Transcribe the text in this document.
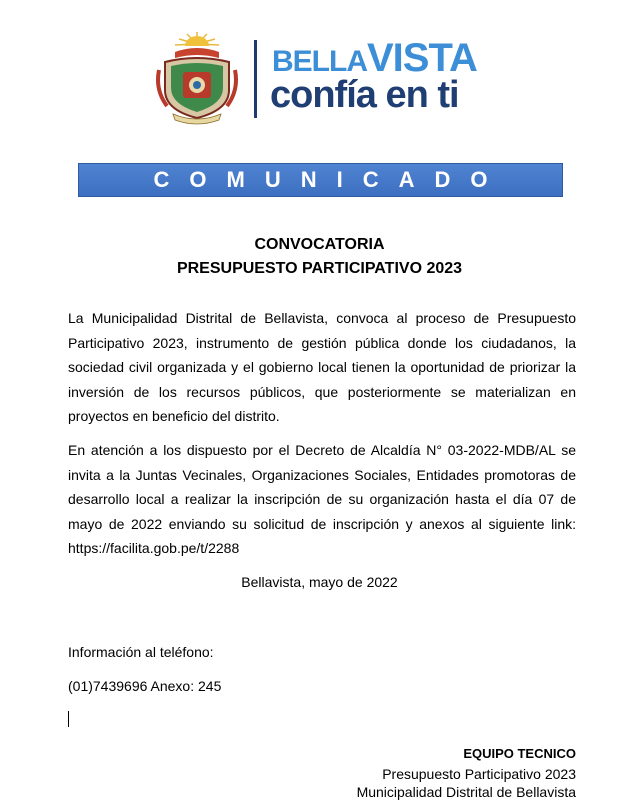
BELLAVISTA
confía en ti
COMUNICADO
CONVOCATORIA
PRESUPUESTO PARTICIPATIVO 2023
La Municipalidad Distrital de Bellavista, convoca al proceso de Presupuesto Participativo 2023, instrumento de gestión pública donde los ciudadanos, la sociedad civil organizada y el gobierno local tienen la oportunidad de priorizar la inversión de los recursos públicos, que posteriormente se materializan en proyectos en beneficio del distrito.
En atención a los dispuesto por el Decreto de Alcaldía N° 03-2022-MDB/AL se invita a la Juntas Vecinales, Organizaciones Sociales, Entidades promotoras de desarrollo local a realizar la inscripción de su organización hasta el día 07 de mayo de 2022 enviando su solicitud de inscripción y anexos al siguiente link: https://facilita.gob.pe/t/2288
Bellavista, mayo de 2022
Información al teléfono:
(01)7439696 Anexo: 245
EQUIPO TECNICO
Presupuesto Participativo 2023
Municipalidad Distrital de Bellavista
